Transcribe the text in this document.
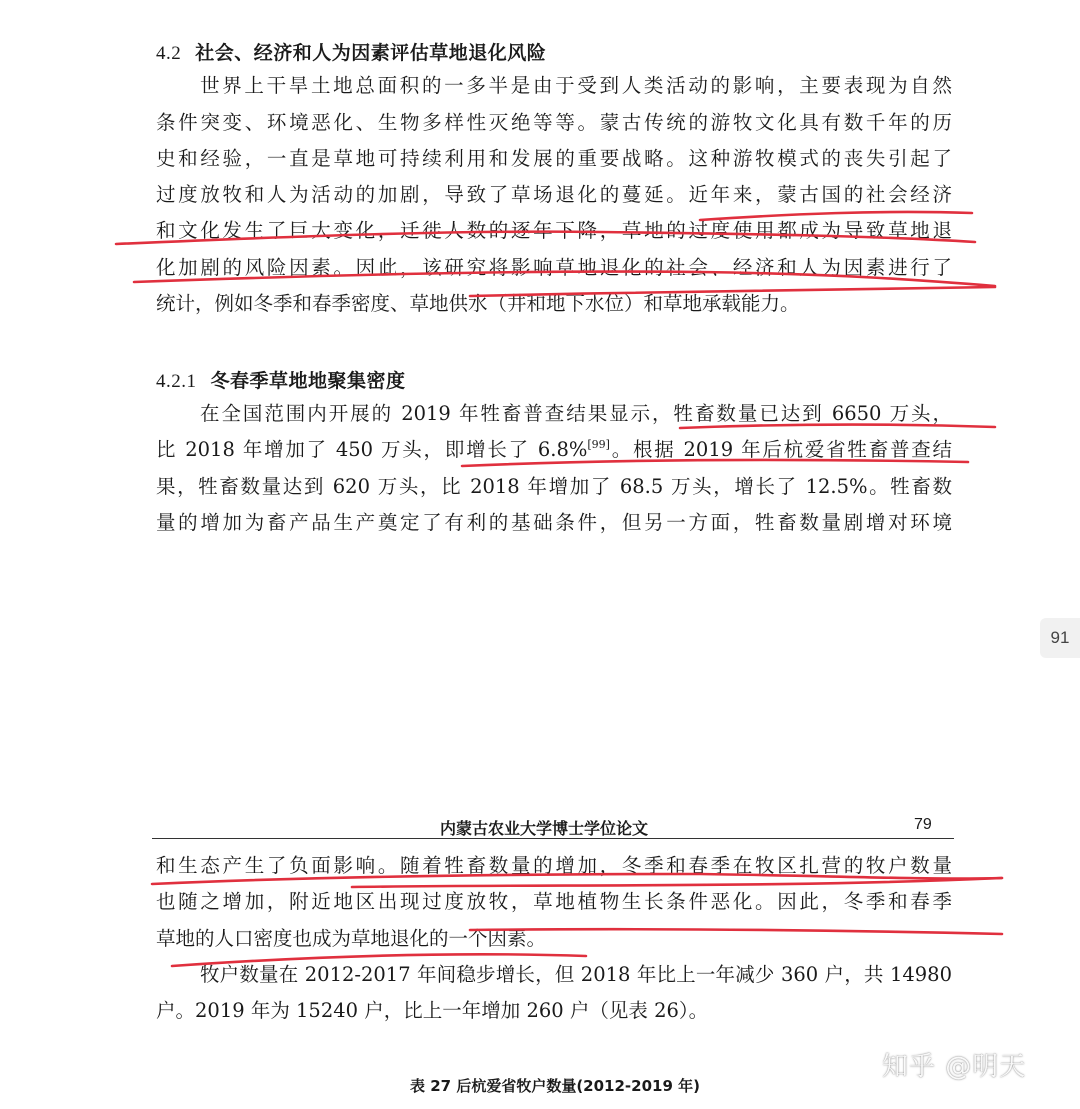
4.2 社会、经济和人为因素评估草地退化风险
世界上干旱土地总面积的一多半是由于受到人类活动的影响，主要表现为自然
条件突变、环境恶化、生物多样性灭绝等等。蒙古传统的游牧文化具有数千年的历
史和经验，一直是草地可持续利用和发展的重要战略。这种游牧模式的丧失引起了
过度放牧和人为活动的加剧，导致了草场退化的蔓延。近年来，蒙古国的社会经济
和文化发生了巨大变化，迁徙人数的逐年下降，草地的过度使用都成为导致草地退
化加剧的风险因素。因此，该研究将影响草地退化的社会、经济和人为因素进行了
统计，例如冬季和春季密度、草地供水（井和地下水位）和草地承载能力。
4.2.1 冬春季草地地聚集密度
在全国范围内开展的 2019 年牲畜普查结果显示，牲畜数量已达到 6650 万头，
比 2018 年增加了 450 万头，即增长了 6.8%[99]。根据 2019 年后杭爱省牲畜普查结
果，牲畜数量达到 620 万头，比 2018 年增加了 68.5 万头，增长了 12.5%。牲畜数
量的增加为畜产品生产奠定了有利的基础条件，但另一方面，牲畜数量剧增对环境
91
内蒙古农业大学博士学位论文	79
和生态产生了负面影响。随着牲畜数量的增加，冬季和春季在牧区扎营的牧户数量
也随之增加，附近地区出现过度放牧，草地植物生长条件恶化。因此，冬季和春季
草地的人口密度也成为草地退化的一个因素。
牧户数量在 2012-2017 年间稳步增长，但 2018 年比上一年减少 360 户，共 14980
户。2019 年为 15240 户，比上一年增加 260 户（见表 26）。
表 27 后杭爱省牧户数量(2012-2019 年)
知乎 @明天
